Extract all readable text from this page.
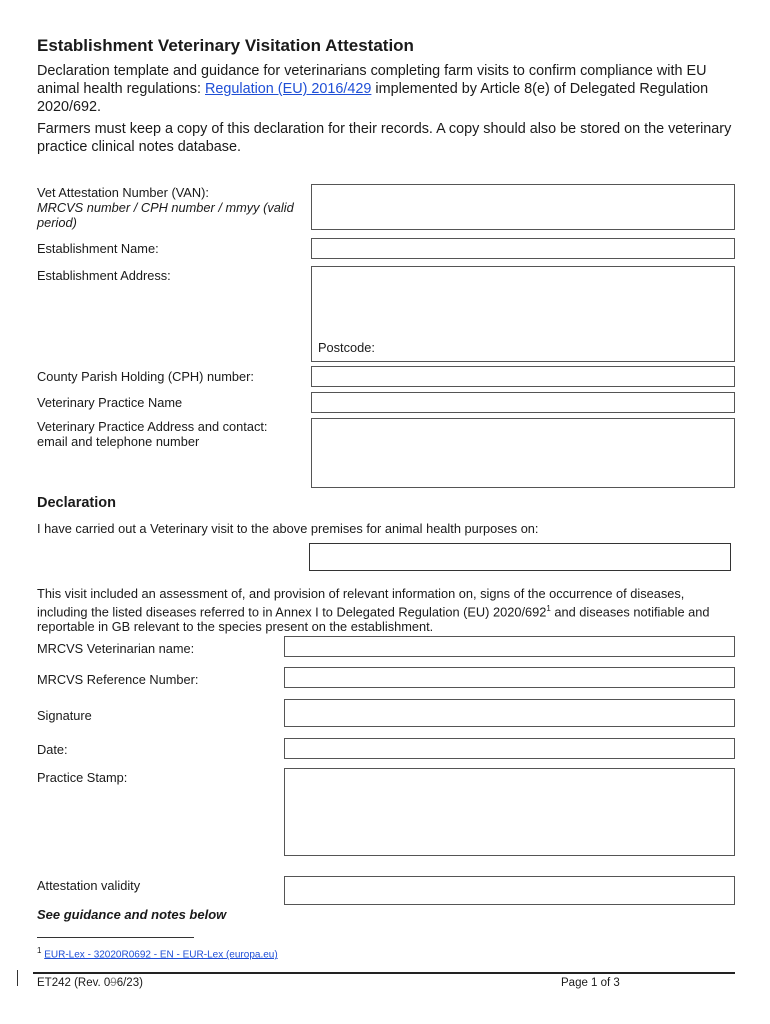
Establishment Veterinary Visitation Attestation
Declaration template and guidance for veterinarians completing farm visits to confirm compliance with EU animal health regulations: Regulation (EU) 2016/429 implemented by Article 8(e) of Delegated Regulation 2020/692.
Farmers must keep a copy of this declaration for their records. A copy should also be stored on the veterinary practice clinical notes database.
Vet Attestation Number (VAN):
MRCVS number / CPH number / mmyy (valid period)
Establishment Name:
Establishment Address:
Postcode:
County Parish Holding (CPH) number:
Veterinary Practice Name
Veterinary Practice Address and contact: email and telephone number
Declaration
I have carried out a Veterinary visit to the above premises for animal health purposes on:
This visit included an assessment of, and provision of relevant information on, signs of the occurrence of diseases, including the listed diseases referred to in Annex I to Delegated Regulation (EU) $2020/692^1$ and diseases notifiable and reportable in GB relevant to the species present on the establishment.
MRCVS Veterinarian name:
MRCVS Reference Number:
Signature
Date:
Practice Stamp:
Attestation validity
See guidance and notes below
$^1$ EUR-Lex - 32020R0692 - EN - EUR-Lex (europa.eu)
ET242 (Rev. 096/23)	Page 1 of 3
